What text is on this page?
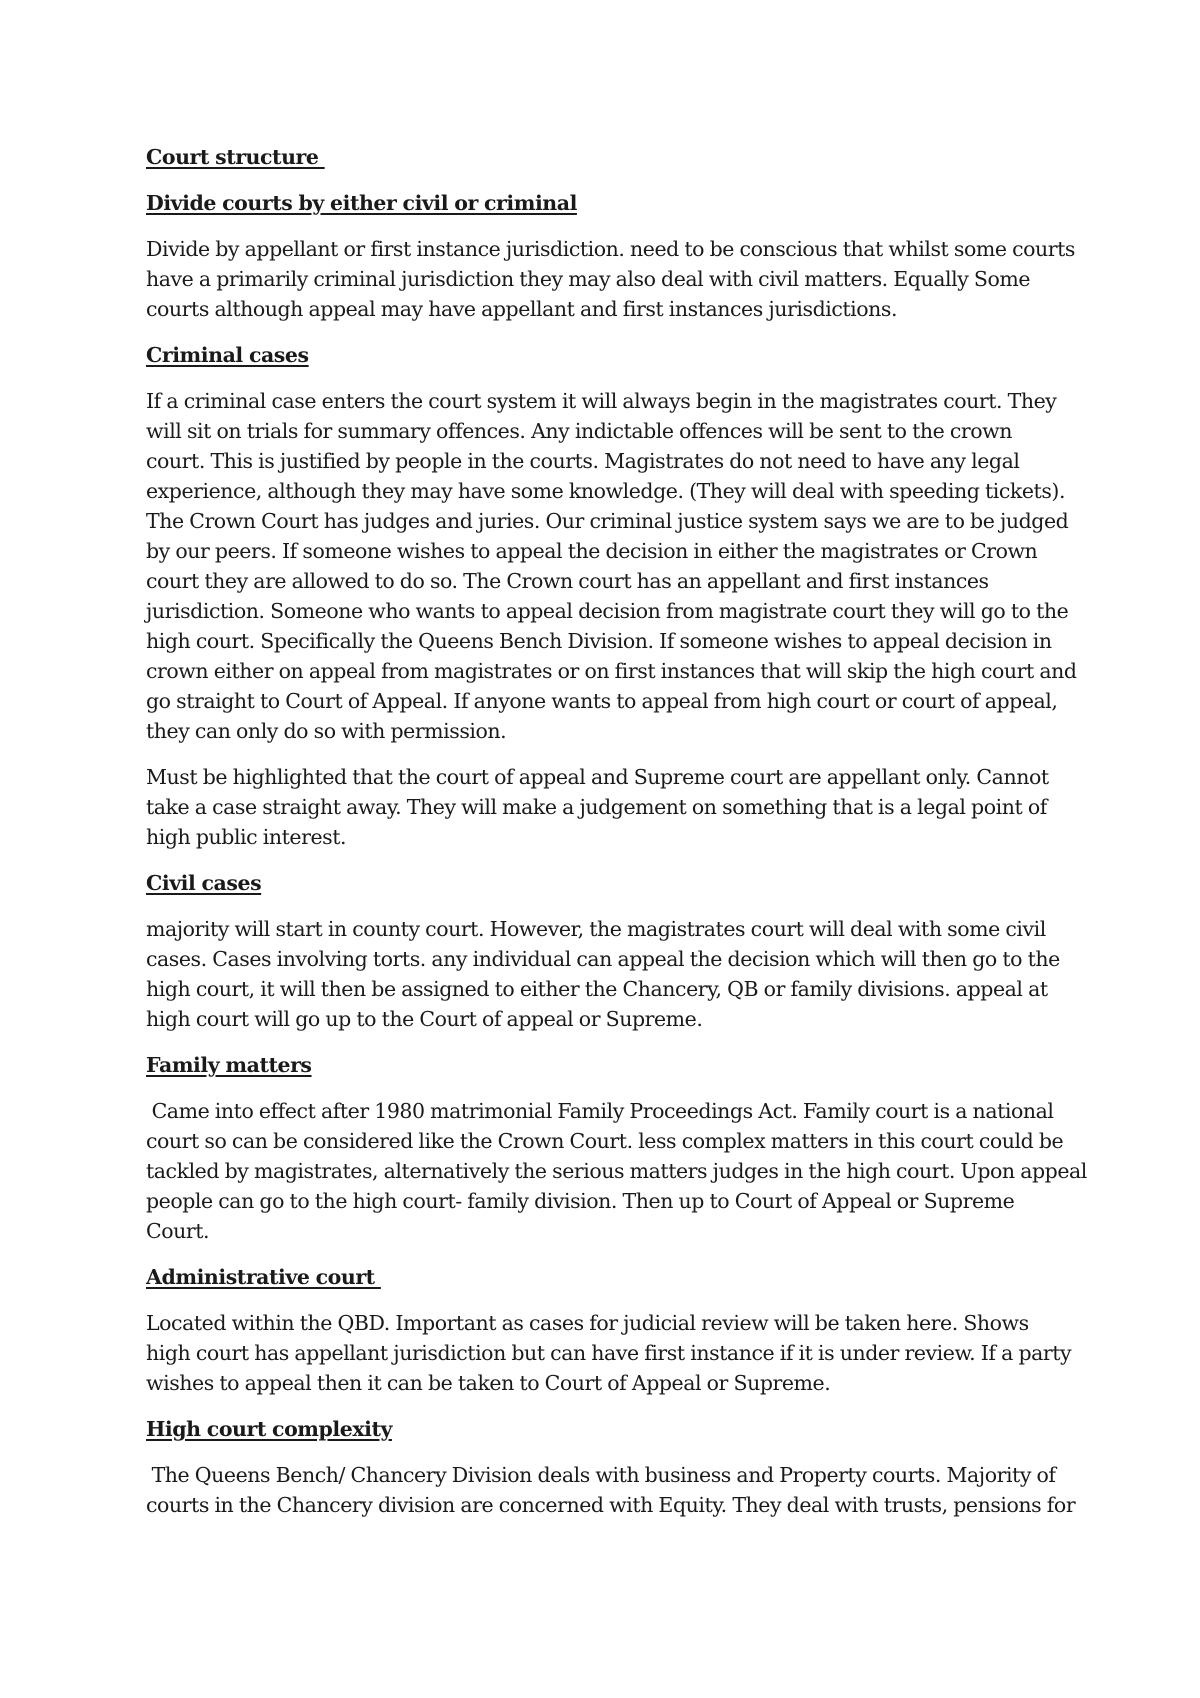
Court structure
Divide courts by either civil or criminal
Divide by appellant or first instance jurisdiction. need to be conscious that whilst some courts
have a primarily criminal jurisdiction they may also deal with civil matters. Equally Some
courts although appeal may have appellant and first instances jurisdictions.
Criminal cases
If a criminal case enters the court system it will always begin in the magistrates court. They
will sit on trials for summary offences. Any indictable offences will be sent to the crown
court. This is justified by people in the courts. Magistrates do not need to have any legal
experience, although they may have some knowledge. (They will deal with speeding tickets).
The Crown Court has judges and juries. Our criminal justice system says we are to be judged
by our peers. If someone wishes to appeal the decision in either the magistrates or Crown
court they are allowed to do so. The Crown court has an appellant and first instances
jurisdiction. Someone who wants to appeal decision from magistrate court they will go to the
high court. Specifically the Queens Bench Division. If someone wishes to appeal decision in
crown either on appeal from magistrates or on first instances that will skip the high court and
go straight to Court of Appeal. If anyone wants to appeal from high court or court of appeal,
they can only do so with permission.
Must be highlighted that the court of appeal and Supreme court are appellant only. Cannot
take a case straight away. They will make a judgement on something that is a legal point of
high public interest.
Civil cases
majority will start in county court. However, the magistrates court will deal with some civil
cases. Cases involving torts. any individual can appeal the decision which will then go to the
high court, it will then be assigned to either the Chancery, QB or family divisions. appeal at
high court will go up to the Court of appeal or Supreme.
Family matters
Came into effect after 1980 matrimonial Family Proceedings Act. Family court is a national
court so can be considered like the Crown Court. less complex matters in this court could be
tackled by magistrates, alternatively the serious matters judges in the high court. Upon appeal
people can go to the high court- family division. Then up to Court of Appeal or Supreme
Court.
Administrative court
Located within the QBD. Important as cases for judicial review will be taken here. Shows
high court has appellant jurisdiction but can have first instance if it is under review. If a party
wishes to appeal then it can be taken to Court of Appeal or Supreme.
High court complexity
The Queens Bench/ Chancery Division deals with business and Property courts. Majority of
courts in the Chancery division are concerned with Equity. They deal with trusts, pensions for
